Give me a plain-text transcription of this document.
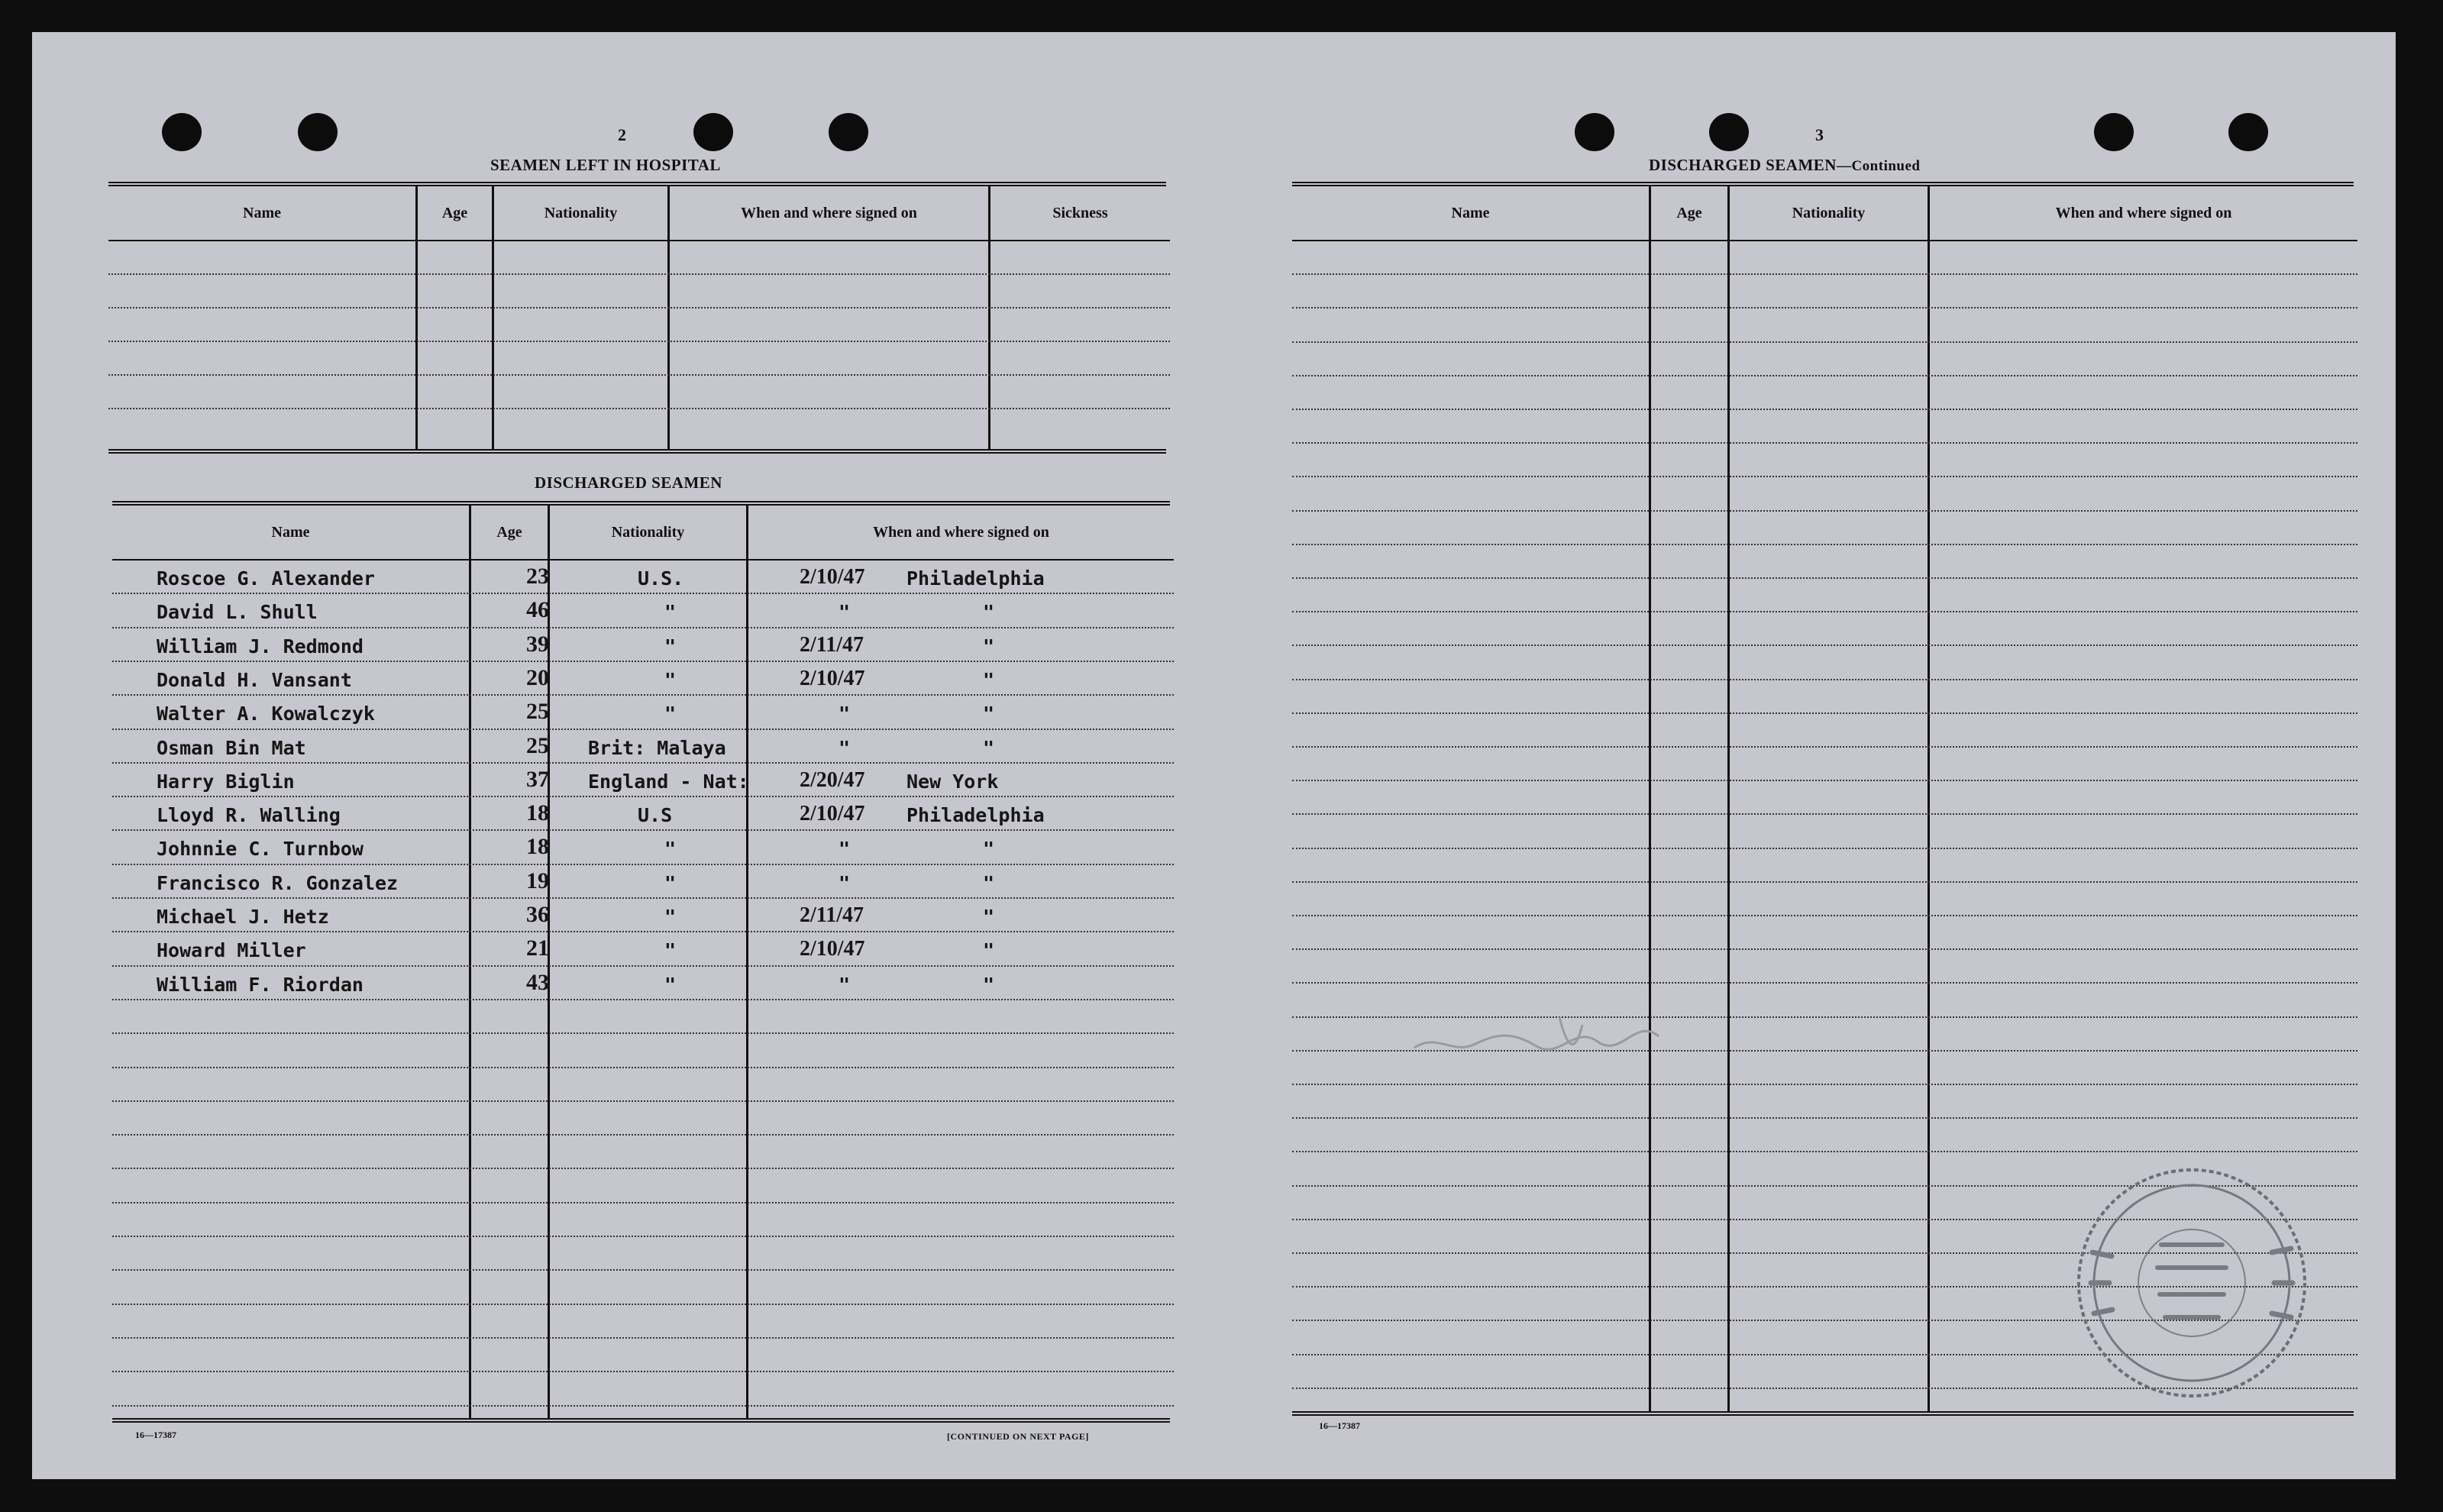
2
SEAMEN LEFT IN HOSPITAL
Name	Age	Nationality	When and where signed on	Sickness
DISCHARGED SEAMEN
Name	Age	Nationality	When and where signed on
Roscoe G. Alexander	23	U.S.	2/10/47 Philadelphia
David L. Shull	46	"	"	"
William J. Redmond	39	"	2/11/47	"
Donald H. Vansant	20	"	2/10/47	"
Walter A. Kowalczyk	25	"	"	"
Osman Bin Mat	25 Brit: Malaya	"	"
Harry Biglin	37 England - Nat: 2/20/47 New York
Lloyd R. Walling	18	U.S	2/10/47 Philadelphia
Johnnie C. Turnbow	18	"	"	"
Francisco R. Gonzalez	19	"	"	"
Michael J. Hetz	36	"	2/11/47	"
Howard Miller	21	"	2/10/47	"
William F. Riordan	43	"	"	"
16—17387	[CONTINUED ON NEXT PAGE]
3
DISCHARGED SEAMEN—Continued
Name	Age	Nationality	When and where signed on
16—17387
